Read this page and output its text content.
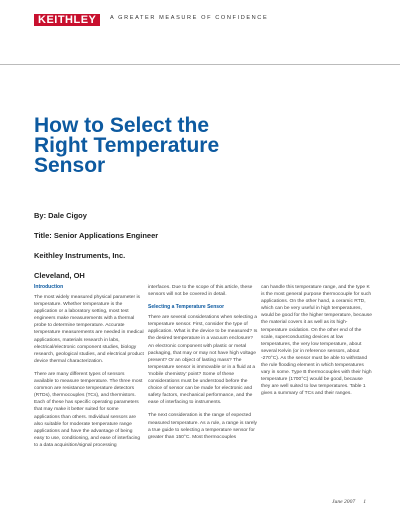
KEITHLEY	A GREATER MEASURE OF CONFIDENCE
How to Select the
Right Temperature
Sensor
By: Dale Cigoy
Title: Senior Applications Engineer
Keithley Instruments, Inc.
Cleveland, OH
Introduction

The most widely measured physical parameter is temperature. Whether temperature is the application or a laboratory setting, most test engineers make measurements with a thermal probe to determine temperature. Accurate temperature measurements are needed in medical applications, materials research in labs, electrical/electronic component studies, biology research, geological studies, and electrical product device thermal characterization.

There are many different types of sensors available to measure temperature. The three most common are resistance temperature detectors (RTDs), thermocouples (TCs), and thermistors. Each of these has specific operating parameters that may make it better suited for some applications than others. Individual sensors are also suitable for moderate temperature range applications and have the advantage of being easy to use, conditioning, and ease of interfacing to a data acquisition/signal processing

interfaces. Due to the scope of this article, these sensors will not be covered in detail.

Selecting a Temperature Sensor

There are several considerations when selecting a temperature sensor. First, consider the type of application. What is the device to be measured? Is the desired temperature in a vacuum enclosure? An electronic component with plastic or metal packaging, that may or may not have high voltage present? Or an object of lasting mass? The temperature sensor is immovable or in a fluid at a 'mobile chemistry' point? Some of these considerations must be understood before the choice of sensor can be made for electronic and safety factors, mechanical performance, and the ease of interfacing to instruments.

The next consideration is the range of expected measured temperature. As a rule, a range is rarely a true guide to selecting a temperature sensor for greater than 150°C. Most thermocouples

can handle this temperature range, and the type K is the most general purpose thermocouple for such applications. On the other hand, a ceramic RTD, which can be very useful in high temperatures, would be good for the higher temperature, because the material covers it as well as its high-temperature oxidation. On the other end of the scale, superconducting devices at low temperatures, the very low temperature, about several Kelvin (or in reference sensors, about -270°C). As the sensor must be able to withstand the rule flooding element in which temperatures vary in some. Type B thermocouples with their high temperature (1700°C) would be good, because they are well suited to low temperatures. Table 1 gives a summary of TCs and their ranges.

June 2007 1
